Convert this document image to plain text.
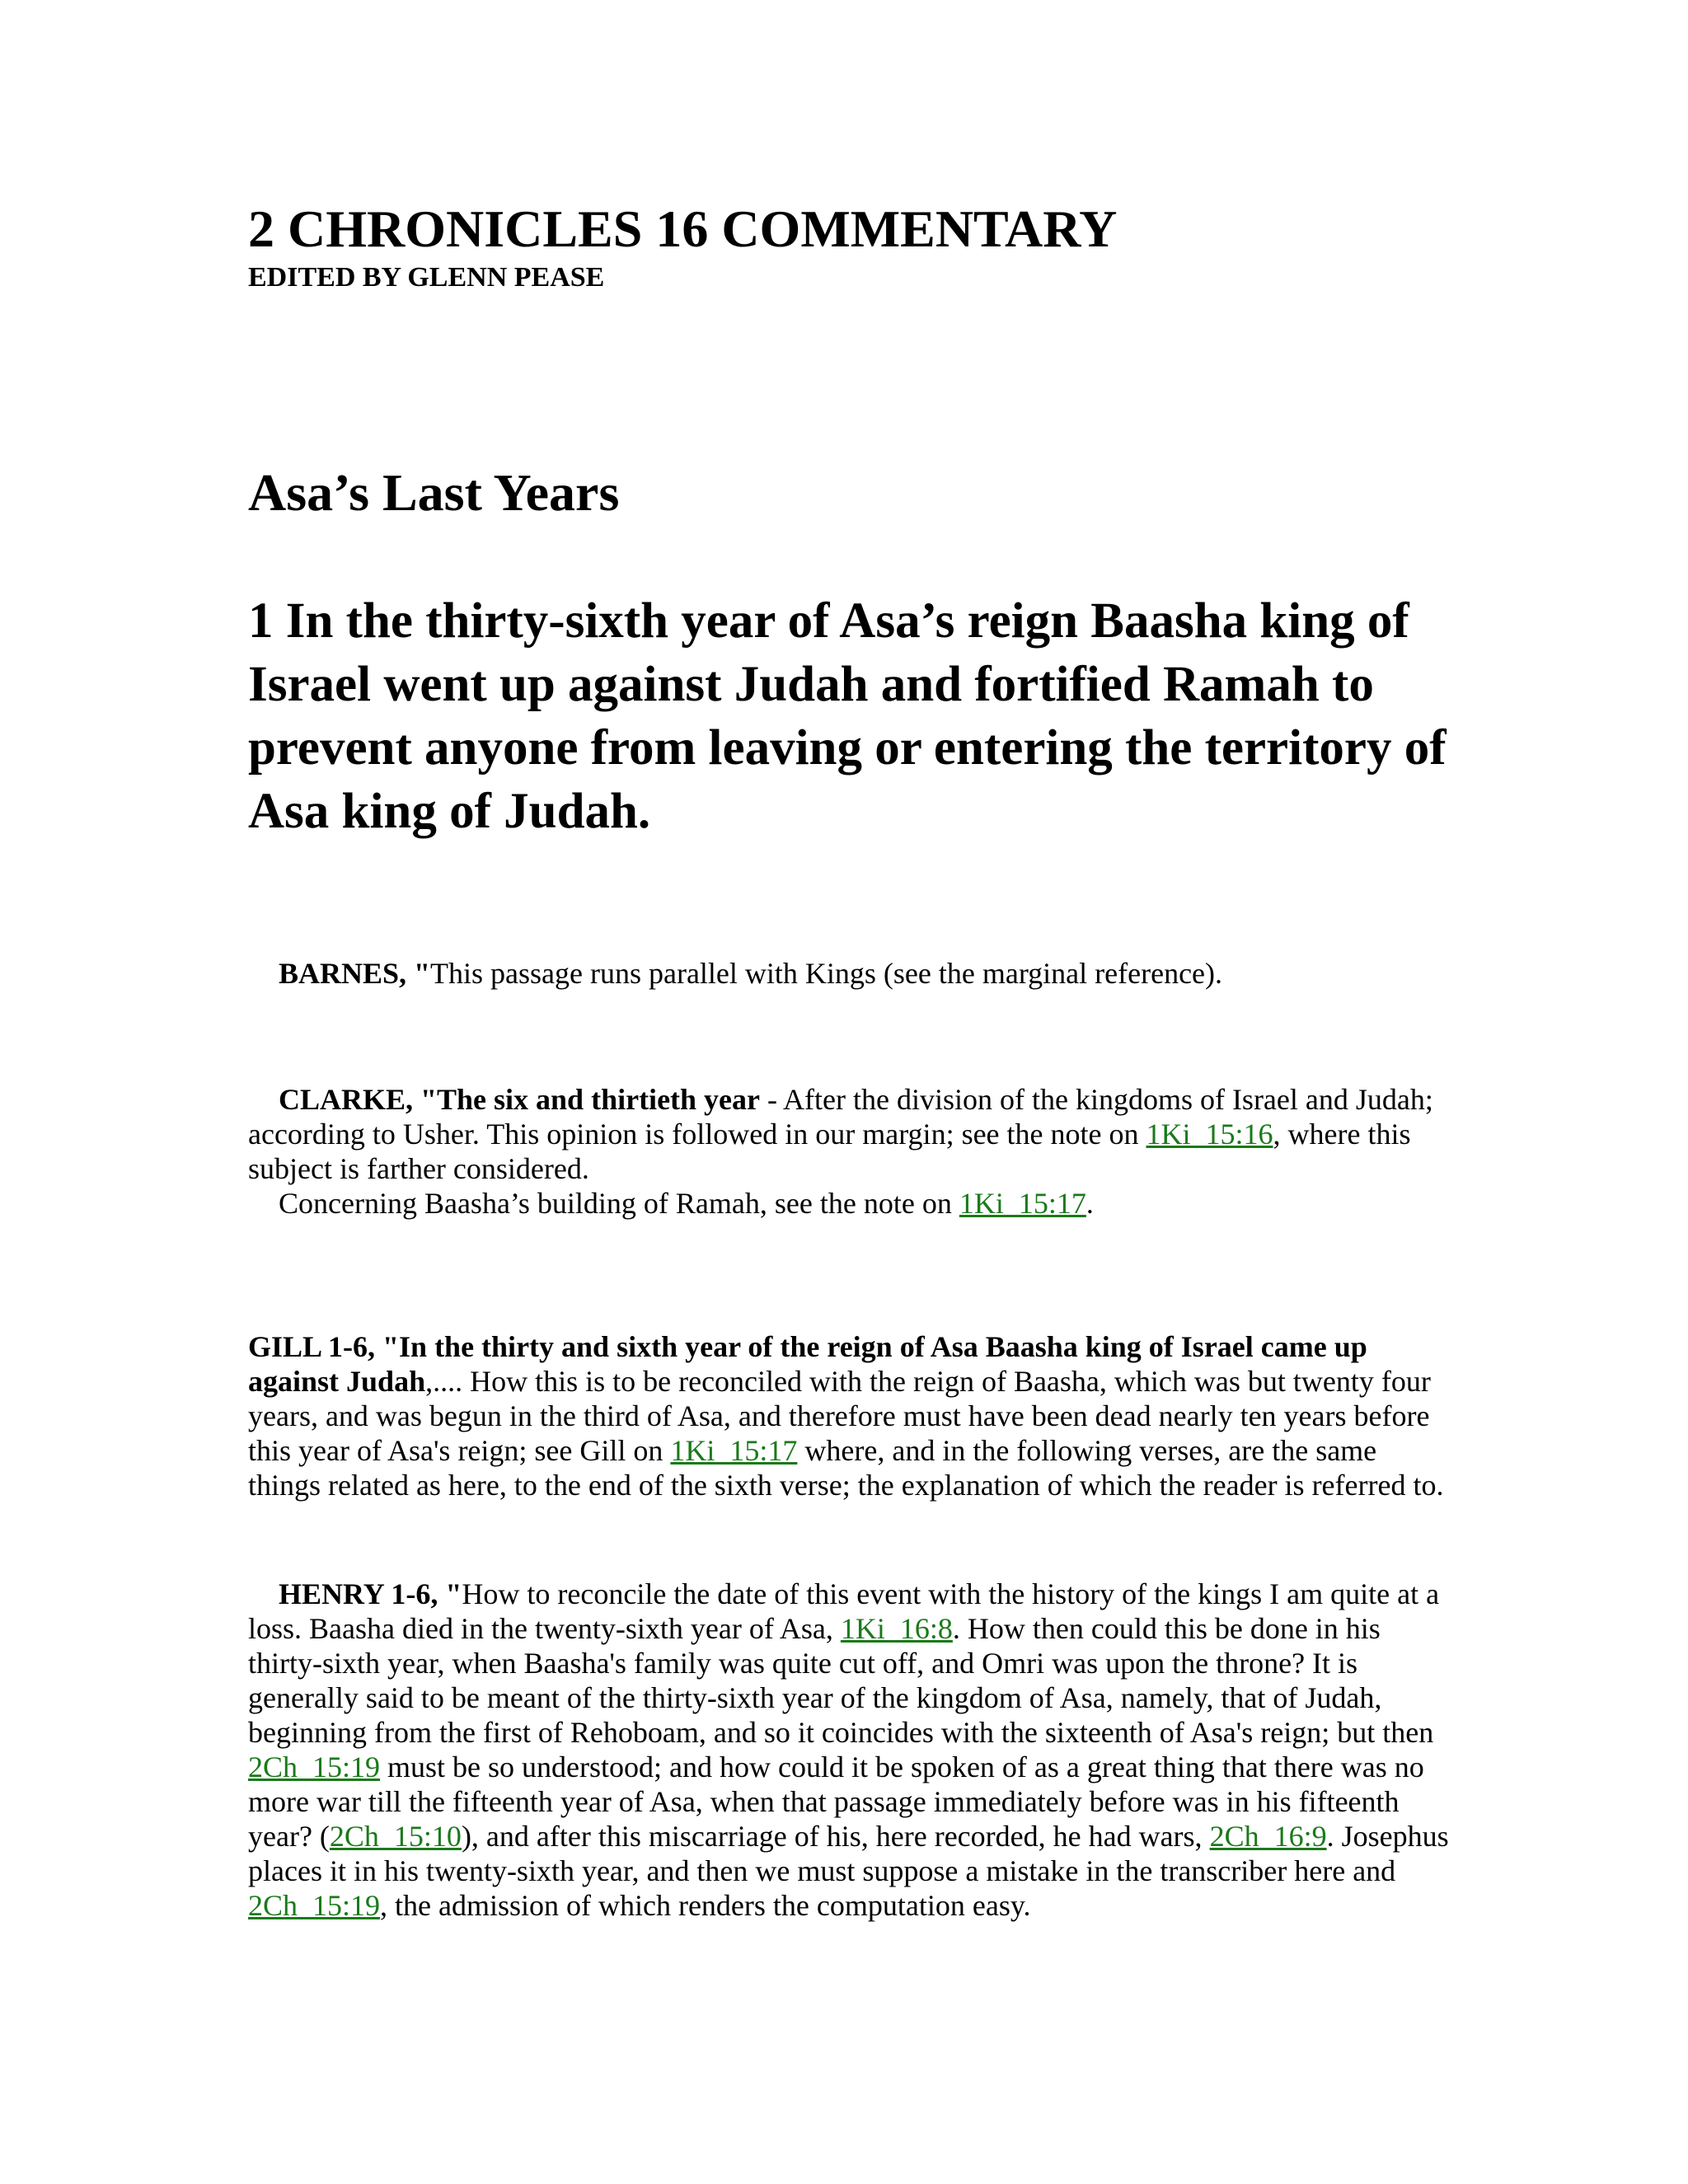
2 CHRONICLES 16 COMMENTARY
EDITED BY GLENN PEASE
Asa’s Last Years

1 In the thirty-sixth year of Asa’s reign Baasha king of Israel went up against Judah and fortified Ramah to prevent anyone from leaving or entering the territory of Asa king of Judah.

BARNES, "This passage runs parallel with Kings (see the marginal reference).

CLARKE, "The six and thirtieth year - After the division of the kingdoms of Israel and Judah; according to Usher. This opinion is followed in our margin; see the note on 1Ki_15:16, where this subject is farther considered.

Concerning Baasha’s building of Ramah, see the note on 1Ki_15:17.

GILL 1-6, "In the thirty and sixth year of the reign of Asa Baasha king of Israel came up against Judah,.... How this is to be reconciled with the reign of Baasha, which was but twenty four years, and was begun in the third of Asa, and therefore must have been dead nearly ten years before this year of Asa's reign; see Gill on 1Ki_15:17 where, and in the following verses, are the same things related as here, to the end of the sixth verse; the explanation of which the reader is referred to.

HENRY 1-6, "How to reconcile the date of this event with the history of the kings I am quite at a loss. Baasha died in the twenty-sixth year of Asa, 1Ki_16:8. How then could this be done in his thirty-sixth year, when Baasha's family was quite cut off, and Omri was upon the throne? It is generally said to be meant of the thirty-sixth year of the kingdom of Asa, namely, that of Judah, beginning from the first of Rehoboam, and so it coincides with the sixteenth of Asa's reign; but then 2Ch_15:19 must be so understood; and how could it be spoken of as a great thing that there was no more war till the fifteenth year of Asa, when that passage immediately before was in his fifteenth year? (2Ch_15:10), and after this miscarriage of his, here recorded, he had wars, 2Ch_16:9. Josephus places it in his twenty-sixth year, and then we must suppose a mistake in the transcriber here and 2Ch_15:19, the admission of which renders the computation easy.
